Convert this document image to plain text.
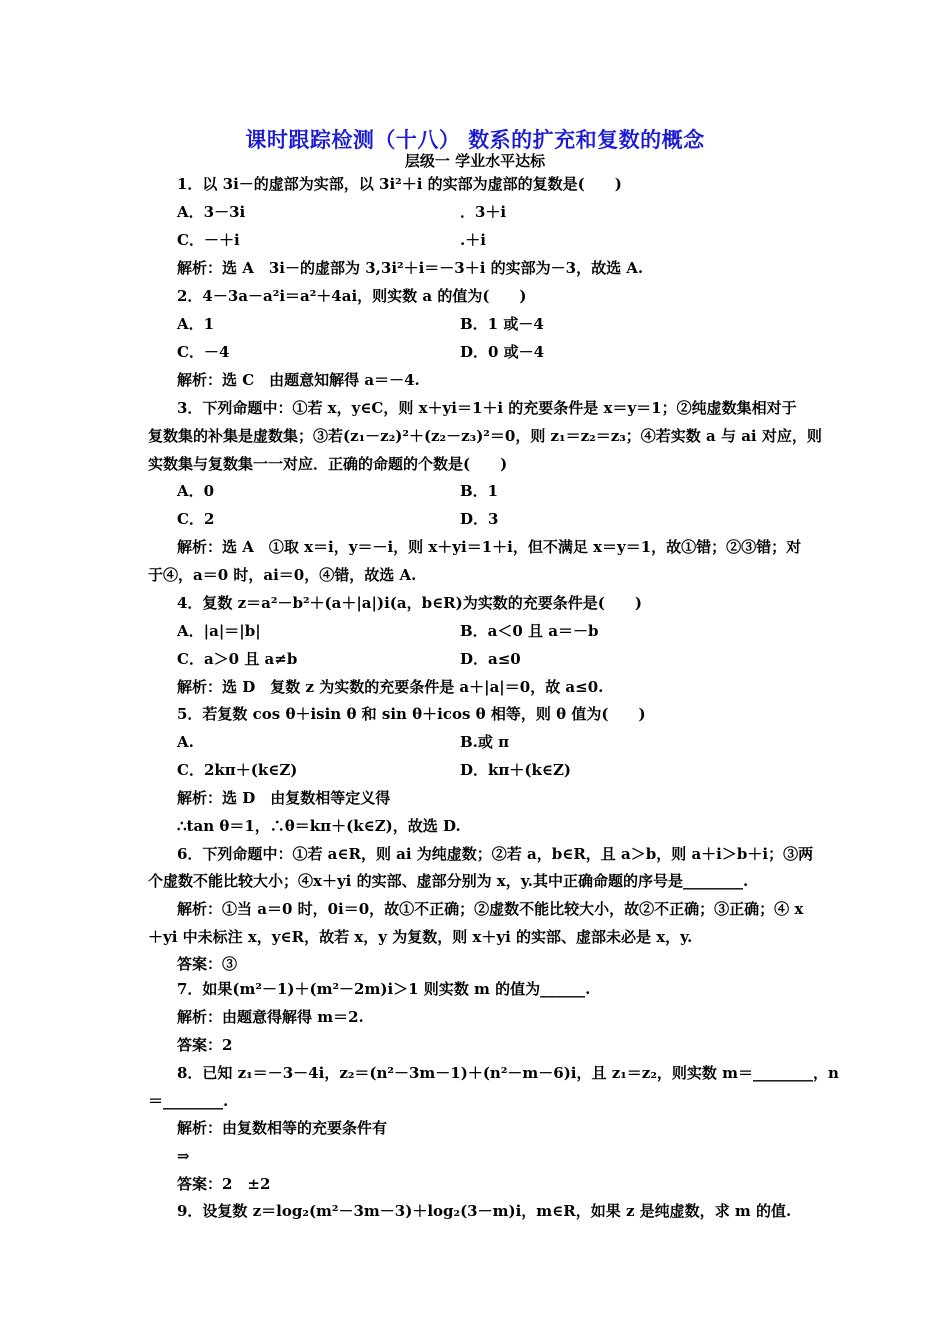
课时跟踪检测（十八） 数系的扩充和复数的概念
层级一 学业水平达标
1．以 3i－的虚部为实部，以 3i²＋i 的实部为虚部的复数是(　　)
A．3－3i	．3＋i
C．－＋i	.＋i
解析：选 A　3i－的虚部为 3,3i²＋i＝－3＋i 的实部为－3，故选 A.
2．4－3a－a²i＝a²＋4ai，则实数 a 的值为(　　)
A．1	B．1 或－4
C．－4	D．0 或－4
解析：选 C　由题意知解得 a＝－4.
3．下列命题中：①若 x，y∈C，则 x＋yi＝1＋i 的充要条件是 x＝y＝1；②纯虚数集相对于
复数集的补集是虚数集；③若(z₁－z₂)²＋(z₂－z₃)²＝0，则 z₁＝z₂＝z₃；④若实数 a 与 ai 对应，则
实数集与复数集一一对应．正确的命题的个数是(　　)
A．0	B．1
C．2	D．3
解析：选 A　①取 x＝i，y＝－i，则 x＋yi＝1＋i，但不满足 x＝y＝1，故①错；②③错；对
于④，a＝0 时，ai＝0，④错，故选 A.
4．复数 z＝a²－b²＋(a＋|a|)i(a，b∈R)为实数的充要条件是(　　)
A．|a|＝|b|	B．a＜0 且 a＝－b
C．a＞0 且 a≠b	D．a≤0
解析：选 D　复数 z 为实数的充要条件是 a＋|a|＝0，故 a≤0.
5．若复数 cos θ＋isin θ 和 sin θ＋icos θ 相等，则 θ 值为(　　)
A.	B.或 π
C．2kπ＋(k∈Z)	D．kπ＋(k∈Z)
解析：选 D　由复数相等定义得
∴tan θ＝1，∴θ＝kπ＋(k∈Z)，故选 D.
6．下列命题中：①若 a∈R，则 ai 为纯虚数；②若 a，b∈R，且 a＞b，则 a＋i＞b＋i；③两
个虚数不能比较大小；④x＋yi 的实部、虚部分别为 x，y.其中正确命题的序号是________.
解析：①当 a＝0 时，0i＝0，故①不正确；②虚数不能比较大小，故②不正确；③正确；④ x
＋yi 中未标注 x，y∈R，故若 x，y 为复数，则 x＋yi 的实部、虚部未必是 x，y.
答案：③
7．如果(m²－1)＋(m²－2m)i＞1 则实数 m 的值为______.
解析：由题意得解得 m＝2.
答案：2
8．已知 z₁＝－3－4i，z₂＝(n²－3m－1)＋(n²－m－6)i，且 z₁＝z₂，则实数 m＝________，n
＝________.
解析：由复数相等的充要条件有
⇒
答案：2　±2
9．设复数 z＝log₂(m²－3m－3)＋log₂(3－m)i，m∈R，如果 z 是纯虚数，求 m 的值.
